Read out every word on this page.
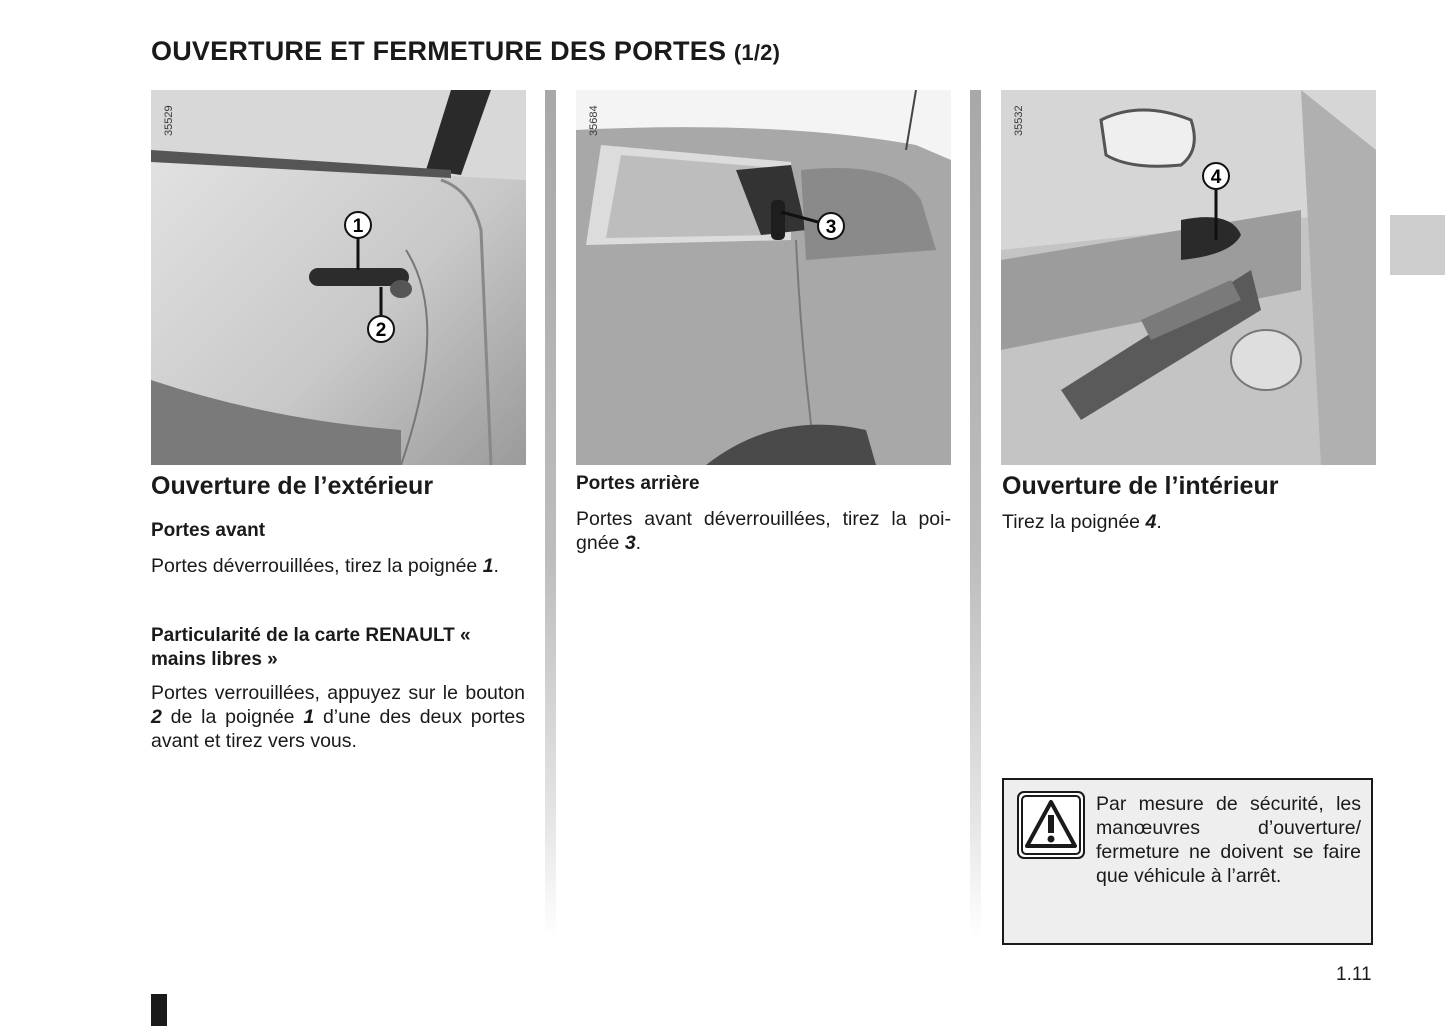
OUVERTURE ET FERMETURE DES PORTES (1/2)
1
2
35529
3
35684
4
35532
Ouverture de l’extérieur
Portes avant
Portes déverrouillées, tirez la poignée 1.
Particularité de la carte RENAULT « mains libres »
Portes verrouillées, appuyez sur le bouton 2 de la poignée 1 d’une des deux portes avant et tirez vers vous.
Portes arrière
Portes avant déverrouillées, tirez la poignée 3.
Ouverture de l’intérieur
Tirez la poignée 4.
Par mesure de sécurité, les manœuvres d’ouverture/ fermeture ne doivent se faire que véhicule à l’arrêt.
1.11
